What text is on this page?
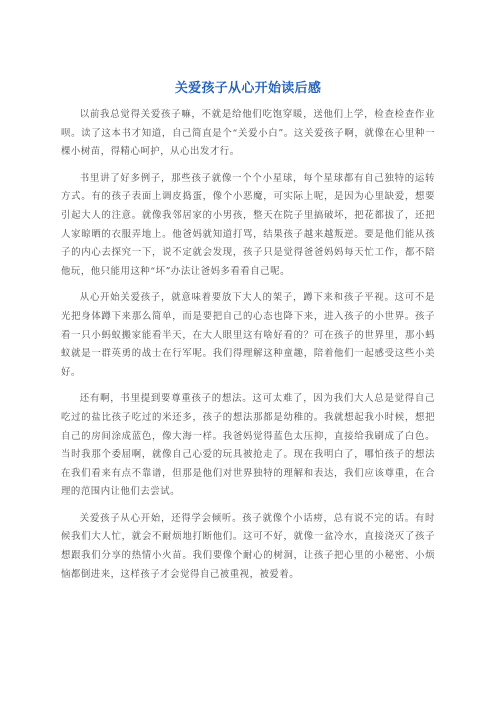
关爱孩子从心开始读后感

以前我总觉得关爱孩子嘛，不就是给他们吃饱穿暖，送他们上学，检查检查作业呗。读了这本书才知道，自己简直是个“关爱小白”。这关爱孩子啊，就像在心里种一棵小树苗，得精心呵护，从心出发才行。

书里讲了好多例子，那些孩子就像一个个小星球，每个星球都有自己独特的运转方式。有的孩子表面上调皮捣蛋，像个小恶魔，可实际上呢，是因为心里缺爱，想要引起大人的注意。就像我邻居家的小男孩，整天在院子里搞破坏，把花都拔了，还把人家晾晒的衣服弄地上。他爸妈就知道打骂，结果孩子越来越叛逆。要是他们能从孩子的内心去探究一下，说不定就会发现，孩子只是觉得爸爸妈妈每天忙工作，都不陪他玩，他只能用这种“坏”办法让爸妈多看看自己呢。

从心开始关爱孩子，就意味着要放下大人的架子，蹲下来和孩子平视。这可不是光把身体蹲下来那么简单，而是要把自己的心态也降下来，进入孩子的小世界。孩子看一只小蚂蚁搬家能看半天，在大人眼里这有啥好看的？可在孩子的世界里，那小蚂蚁就是一群英勇的战士在行军呢。我们得理解这种童趣，陪着他们一起感受这些小美好。

还有啊，书里提到要尊重孩子的想法。这可太难了，因为我们大人总是觉得自己吃过的盐比孩子吃过的米还多，孩子的想法那都是幼稚的。我就想起我小时候，想把自己的房间涂成蓝色，像大海一样。我爸妈觉得蓝色太压抑，直接给我刷成了白色。当时我那个委屈啊，就像自己心爱的玩具被抢走了。现在我明白了，哪怕孩子的想法在我们看来有点不靠谱，但那是他们对世界独特的理解和表达，我们应该尊重，在合理的范围内让他们去尝试。

关爱孩子从心开始，还得学会倾听。孩子就像个小话痨，总有说不完的话。有时候我们大人忙，就会不耐烦地打断他们。这可不好，就像一盆冷水，直接浇灭了孩子想跟我们分享的热情小火苗。我们要像个耐心的树洞，让孩子把心里的小秘密、小烦恼都倒进来，这样孩子才会觉得自己被重视，被爱着。
